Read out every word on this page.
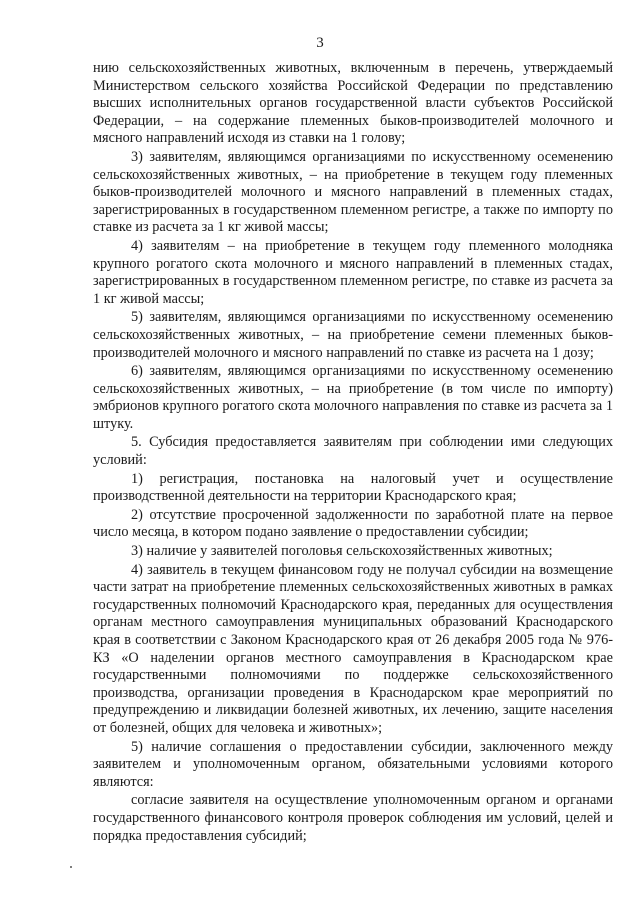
3

нию сельскохозяйственных животных, включенным в перечень, утверждаемый Министерством сельского хозяйства Российской Федерации по представлению высших исполнительных органов государственной власти субъектов Российской Федерации, – на содержание племенных быков-производителей молочного и мясного направлений исходя из ставки на 1 голову;

3) заявителям, являющимся организациями по искусственному осеменению сельскохозяйственных животных, – на приобретение в текущем году племенных быков-производителей молочного и мясного направлений в племенных стадах, зарегистрированных в государственном племенном регистре, а также по импорту по ставке из расчета за 1 кг живой массы;

4) заявителям – на приобретение в текущем году племенного молодняка крупного рогатого скота молочного и мясного направлений в племенных стадах, зарегистрированных в государственном племенном регистре, по ставке из расчета за 1 кг живой массы;

5) заявителям, являющимся организациями по искусственному осеменению сельскохозяйственных животных, – на приобретение семени племенных быков-производителей молочного и мясного направлений по ставке из расчета на 1 дозу;

6) заявителям, являющимся организациями по искусственному осеменению сельскохозяйственных животных, – на приобретение (в том числе по импорту) эмбрионов крупного рогатого скота молочного направления по ставке из расчета за 1 штуку.

5. Субсидия предоставляется заявителям при соблюдении ими следующих условий:

1) регистрация, постановка на налоговый учет и осуществление производственной деятельности на территории Краснодарского края;

2) отсутствие просроченной задолженности по заработной плате на первое число месяца, в котором подано заявление о предоставлении субсидии;

3) наличие у заявителей поголовья сельскохозяйственных животных;

4) заявитель в текущем финансовом году не получал субсидии на возмещение части затрат на приобретение племенных сельскохозяйственных животных в рамках государственных полномочий Краснодарского края, переданных для осуществления органам местного самоуправления муниципальных образований Краснодарского края в соответствии с Законом Краснодарского края от 26 декабря 2005 года № 976-КЗ «О наделении органов местного самоуправления в Краснодарском крае государственными полномочиями по поддержке сельскохозяйственного производства, организации проведения в Краснодарском крае мероприятий по предупреждению и ликвидации болезней животных, их лечению, защите населения от болезней, общих для человека и животных»;

5) наличие соглашения о предоставлении субсидии, заключенного между заявителем и уполномоченным органом, обязательными условиями которого являются:

согласие заявителя на осуществление уполномоченным органом и органами государственного финансового контроля проверок соблюдения им условий, целей и порядка предоставления субсидий;
